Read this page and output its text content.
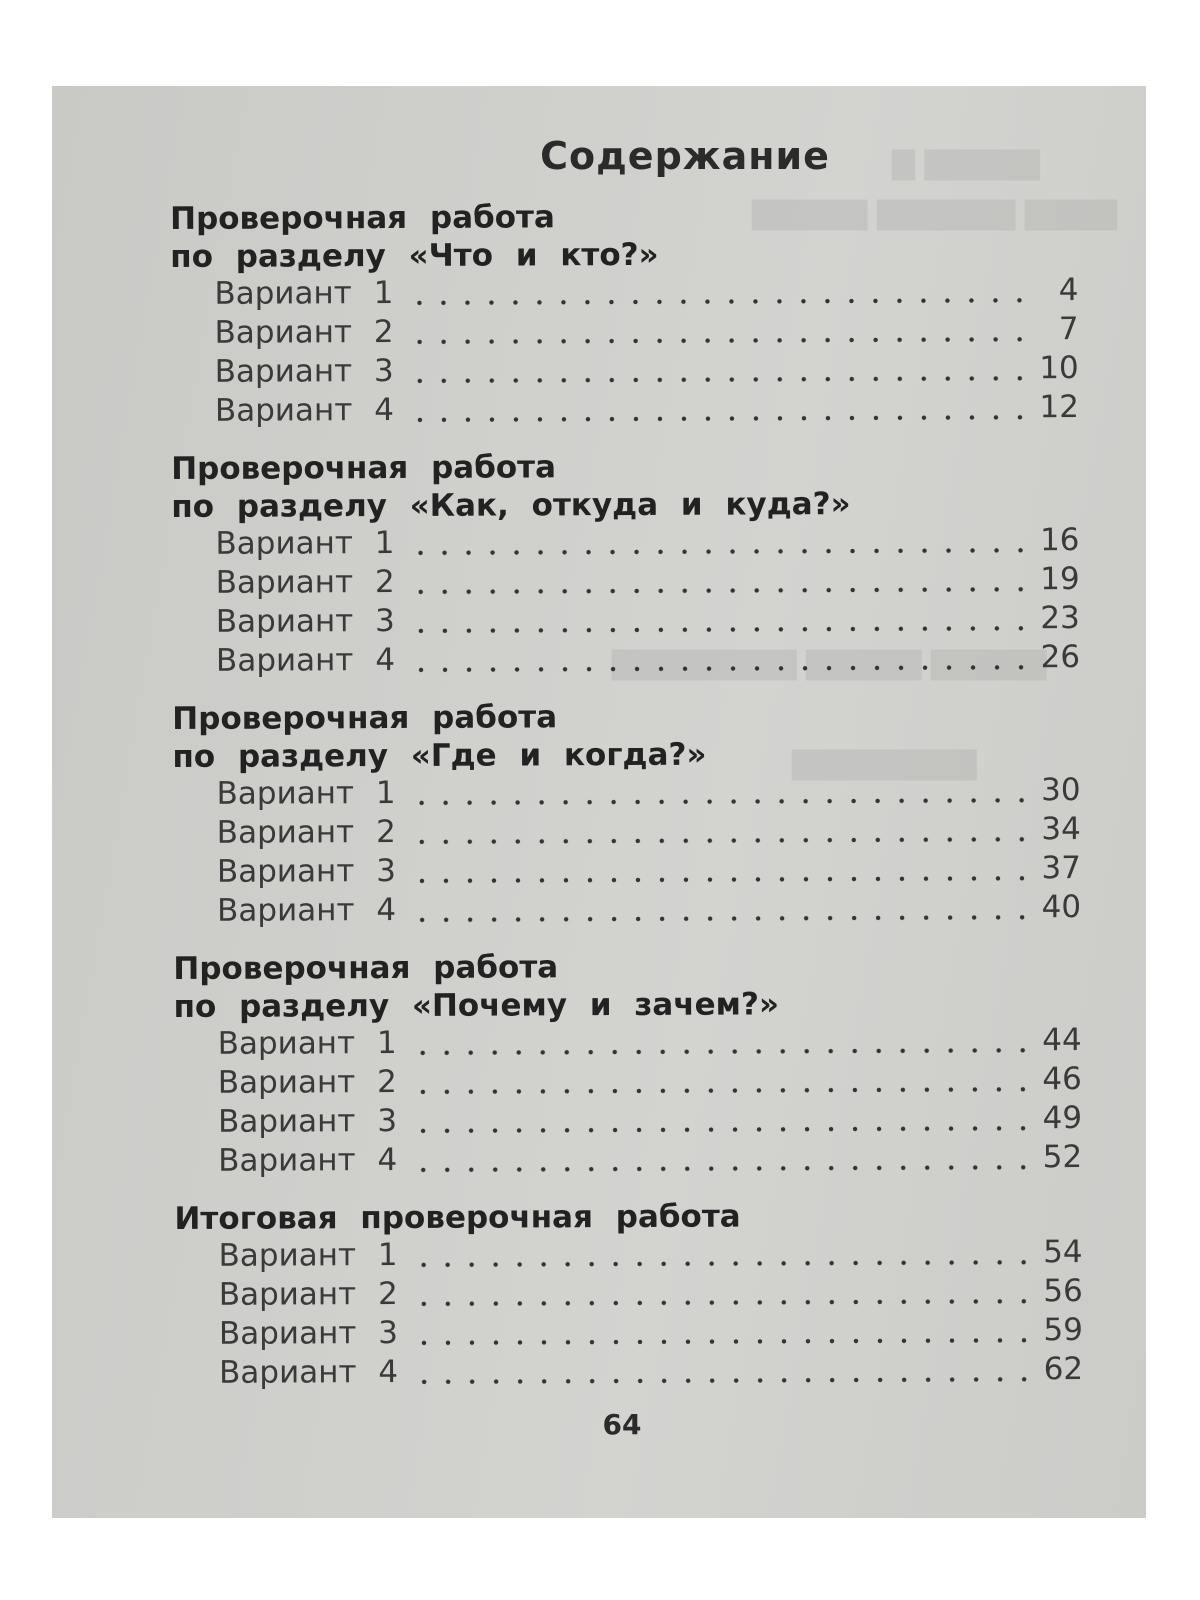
▇▇▇▇▇ ▇
▇▇▇▇ ▇▇▇▇▇▇ ▇▇▇▇▇
▇▇▇▇▇ ▇▇▇▇▇ ▇▇▇▇▇▇▇▇
▇▇▇▇▇▇▇▇
Содержание
Проверочная работа
по разделу «Что и кто?»
Вариант 1	4
Вариант 2	7
Вариант 3	10
Вариант 4	12
Проверочная работа
по разделу «Как, откуда и куда?»
Вариант 1	16
Вариант 2	19
Вариант 3	23
Вариант 4	26
Проверочная работа
по разделу «Где и когда?»
Вариант 1	30
Вариант 2	34
Вариант 3	37
Вариант 4	40
Проверочная работа
по разделу «Почему и зачем?»
Вариант 1	44
Вариант 2	46
Вариант 3	49
Вариант 4	52
Итоговая проверочная работа
Вариант 1	54
Вариант 2	56
Вариант 3	59
Вариант 4	62
64
